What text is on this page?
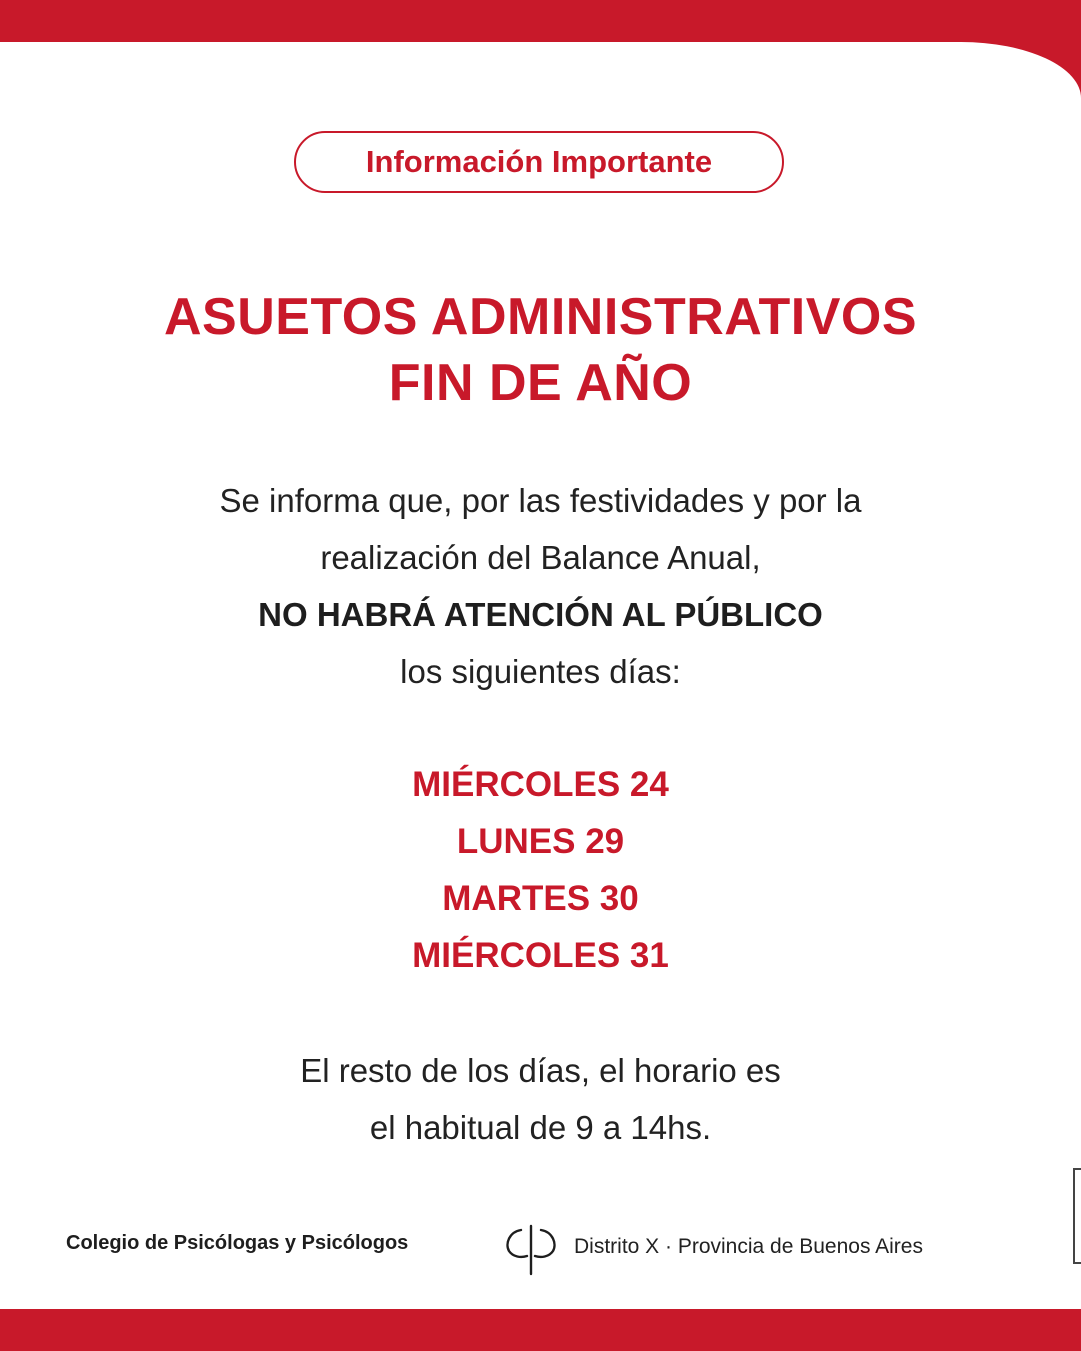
Información Importante
ASUETOS ADMINISTRATIVOS
FIN DE AÑO
Se informa que, por las festividades y por la
realización del Balance Anual,
NO HABRÁ ATENCIÓN AL PÚBLICO
los siguientes días:
MIÉRCOLES 24
LUNES 29
MARTES 30
MIÉRCOLES 31
El resto de los días, el horario es
el habitual de 9 a 14hs.
Colegio de Psicólogas y Psicólogos	Distrito X · Provincia de Buenos Aires
